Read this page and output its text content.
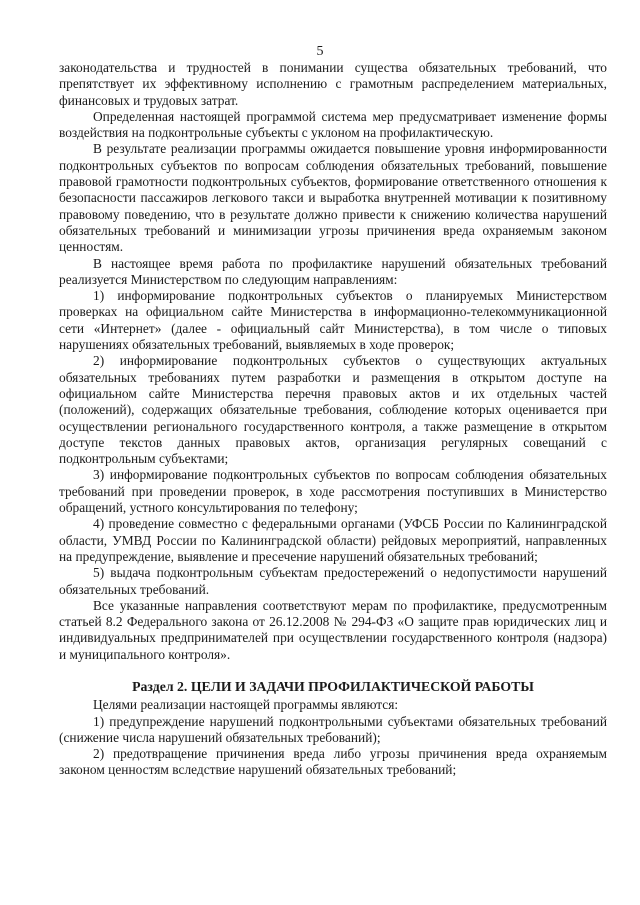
5

законодательства и трудностей в понимании существа обязательных требований, что препятствует их эффективному исполнению с грамотным распределением материальных, финансовых и трудовых затрат.

Определенная настоящей программой система мер предусматривает изменение формы воздействия на подконтрольные субъекты с уклоном на профилактическую.

В результате реализации программы ожидается повышение уровня информированности подконтрольных субъектов по вопросам соблюдения обязательных требований, повышение правовой грамотности подконтрольных субъектов, формирование ответственного отношения к безопасности пассажиров легкового такси и выработка внутренней мотивации к позитивному правовому поведению, что в результате должно привести к снижению количества нарушений обязательных требований и минимизации угрозы причинения вреда охраняемым законом ценностям.

В настоящее время работа по профилактике нарушений обязательных требований реализуется Министерством по следующим направлениям:

1) информирование подконтрольных субъектов о планируемых Министерством проверках на официальном сайте Министерства в информационно-телекоммуникационной сети «Интернет» (далее - официальный сайт Министерства), в том числе о типовых нарушениях обязательных требований, выявляемых в ходе проверок;

2) информирование подконтрольных субъектов о существующих актуальных обязательных требованиях путем разработки и размещения в открытом доступе на официальном сайте Министерства перечня правовых актов и их отдельных частей (положений), содержащих обязательные требования, соблюдение которых оценивается при осуществлении регионального государственного контроля, а также размещение в открытом доступе текстов данных правовых актов, организация регулярных совещаний с подконтрольным субъектами;

3) информирование подконтрольных субъектов по вопросам соблюдения обязательных требований при проведении проверок, в ходе рассмотрения поступивших в Министерство обращений, устного консультирования по телефону;

4) проведение совместно с федеральными органами (УФСБ России по Калининградской области, УМВД России по Калининградской области) рейдовых мероприятий, направленных на предупреждение, выявление и пресечение нарушений обязательных требований;

5) выдача подконтрольным субъектам предостережений о недопустимости нарушений обязательных требований.

Все указанные направления соответствуют мерам по профилактике, предусмотренным статьей 8.2 Федерального закона от 26.12.2008 № 294-ФЗ «О защите прав юридических лиц и индивидуальных предпринимателей при осуществлении государственного контроля (надзора) и муниципального контроля».

Раздел 2. ЦЕЛИ И ЗАДАЧИ ПРОФИЛАКТИЧЕСКОЙ РАБОТЫ

Целями реализации настоящей программы являются:

1) предупреждение нарушений подконтрольными субъектами обязательных требований (снижение числа нарушений обязательных требований);

2) предотвращение причинения вреда либо угрозы причинения вреда охраняемым законом ценностям вследствие нарушений обязательных требований;
